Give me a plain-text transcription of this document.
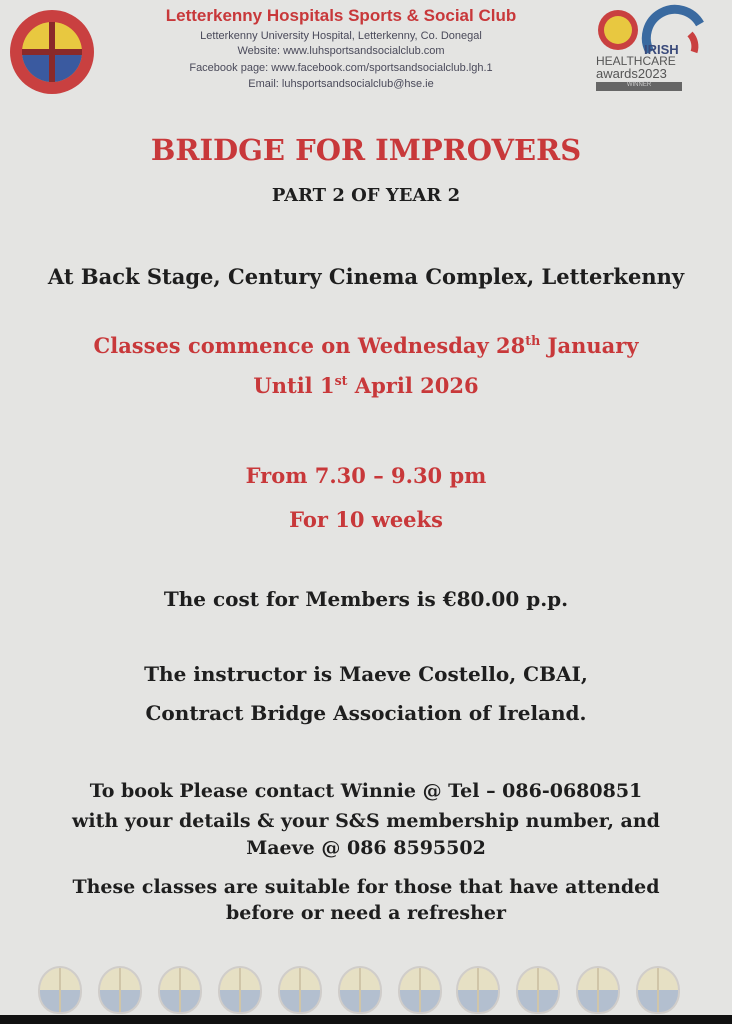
Letterkenny Hospitals Sports & Social Club
Letterkenny University Hospital, Letterkenny, Co. Donegal
Website: www.luhsportsandsocialclub.com
Facebook page: www.facebook.com/sportsandsocialclub.lgh.1
Email: luhsportsandsocialclub@hse.ie
IRISH
HEALTHCARE
awards2023
WINNER
BRIDGE FOR IMPROVERS
PART 2 OF YEAR 2
At Back Stage, Century Cinema Complex, Letterkenny
Classes commence on Wednesday 28th January
Until 1st April 2026
From 7.30 – 9.30 pm
For 10 weeks
The cost for Members is €80.00 p.p.
The instructor is Maeve Costello, CBAI,
Contract Bridge Association of Ireland.
To book Please contact Winnie @ Tel – 086-0680851
with your details & your S&S membership number, and
Maeve @ 086 8595502
These classes are suitable for those that have attended
before or need a refresher
